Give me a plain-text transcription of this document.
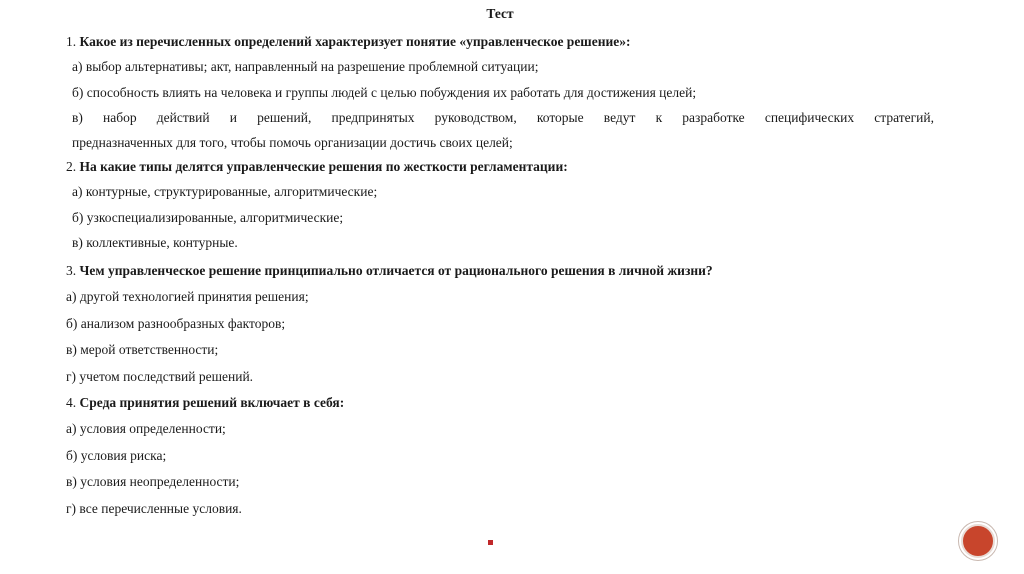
Тест
1. Какое из перечисленных определений характеризует понятие «управленческое решение»:
а) выбор альтернативы; акт, направленный на разрешение проблемной ситуации;
б) способность влиять на человека и группы людей с целью побуждения их работать для достижения целей;
в) набор действий и решений, предпринятых руководством, которые ведут к разработке специфических стратегий,
предназначенных для того, чтобы помочь организации достичь своих целей;
2. На какие типы делятся управленческие решения по жесткости регламентации:
а) контурные, структурированные, алгоритмические;
б) узкоспециализированные, алгоритмические;
в) коллективные, контурные.
3. Чем управленческое решение принципиально отличается от рационального решения в личной жизни?
а) другой технологией принятия решения;
б) анализом разнообразных факторов;
в) мерой ответственности;
г) учетом последствий решений.
4. Среда принятия решений включает в себя:
а) условия определенности;
б) условия риска;
в) условия неопределенности;
г) все перечисленные условия.
